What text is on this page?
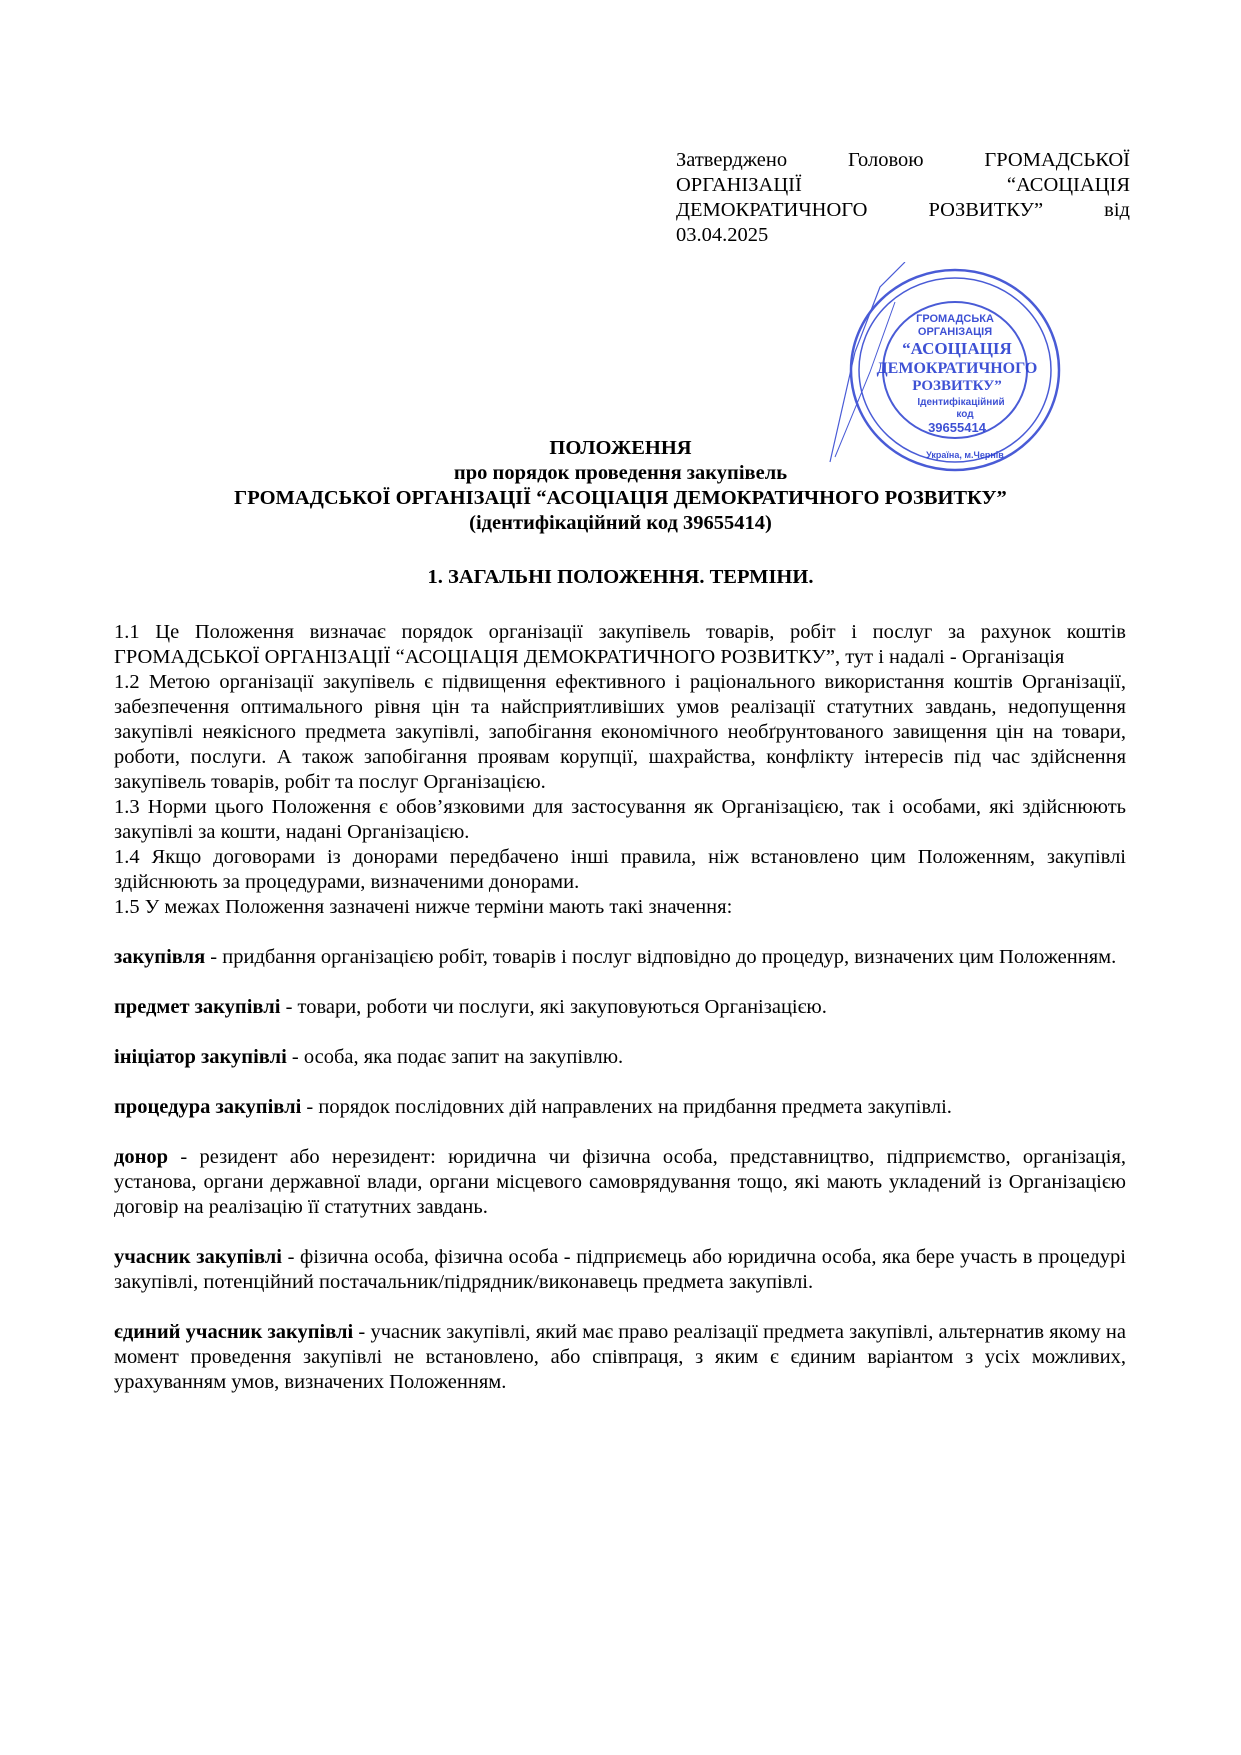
Затверджено Головою ГРОМАДСЬКОЇ
ОРГАНІЗАЦІЇ “АСОЦІАЦІЯ
ДЕМОКРАТИЧНОГО РОЗВИТКУ” від
03.04.2025
ГРОМАДСЬКА
ОРГАНІЗАЦІЯ
“АСОЦІАЦІЯ
ДЕМОКРАТИЧНОГО
РОЗВИТКУ”
Ідентифікаційний
код
39655414
Україна, м.Чернів
ПОЛОЖЕННЯ
про порядок проведення закупівель
ГРОМАДСЬКОЇ ОРГАНІЗАЦІЇ “АСОЦІАЦІЯ ДЕМОКРАТИЧНОГО РОЗВИТКУ”
(ідентифікаційний код 39655414)
1. ЗАГАЛЬНІ ПОЛОЖЕННЯ. ТЕРМІНИ.

1.1 Це Положення визначає порядок організації закупівель товарів, робіт і послуг за рахунок коштів ГРОМАДСЬКОЇ ОРГАНІЗАЦІЇ “АСОЦІАЦІЯ ДЕМОКРАТИЧНОГО РОЗВИТКУ”, тут і надалі - Організація

1.2 Метою організації закупівель є підвищення ефективного і раціонального використання коштів Організації, забезпечення оптимального рівня цін та найсприятливіших умов реалізації статутних завдань, недопущення закупівлі неякісного предмета закупівлі, запобігання економічного необґрунтованого завищення цін на товари, роботи, послуги. А також запобігання проявам корупції, шахрайства, конфлікту інтересів під час здійснення закупівель товарів, робіт та послуг Організацією.

1.3 Норми цього Положення є обов’язковими для застосування як Організацією, так і особами, які здійснюють закупівлі за кошти, надані Організацією.

1.4 Якщо договорами із донорами передбачено інші правила, ніж встановлено цим Положенням, закупівлі здійснюють за процедурами, визначеними донорами.

1.5 У межах Положення зазначені нижче терміни мають такі значення:

закупівля - придбання організацією робіт, товарів і послуг відповідно до процедур, визначених цим Положенням.

предмет закупівлі - товари, роботи чи послуги, які закуповуються Організацією.

ініціатор закупівлі - особа, яка подає запит на закупівлю.

процедура закупівлі - порядок послідовних дій направлених на придбання предмета закупівлі.

донор - резидент або нерезидент: юридична чи фізична особа, представництво, підприємство, організація, установа, органи державної влади, органи місцевого самоврядування тощо, які мають укладений із Організацією договір на реалізацію її статутних завдань.

учасник закупівлі - фізична особа, фізична особа - підприємець або юридична особа, яка бере участь в процедурі закупівлі, потенційний постачальник/підрядник/виконавець предмета закупівлі.

єдиний учасник закупівлі - учасник закупівлі, який має право реалізації предмета закупівлі, альтернатив якому на момент проведення закупівлі не встановлено, або співпраця, з яким є єдиним варіантом з усіх можливих, урахуванням умов, визначених Положенням.
